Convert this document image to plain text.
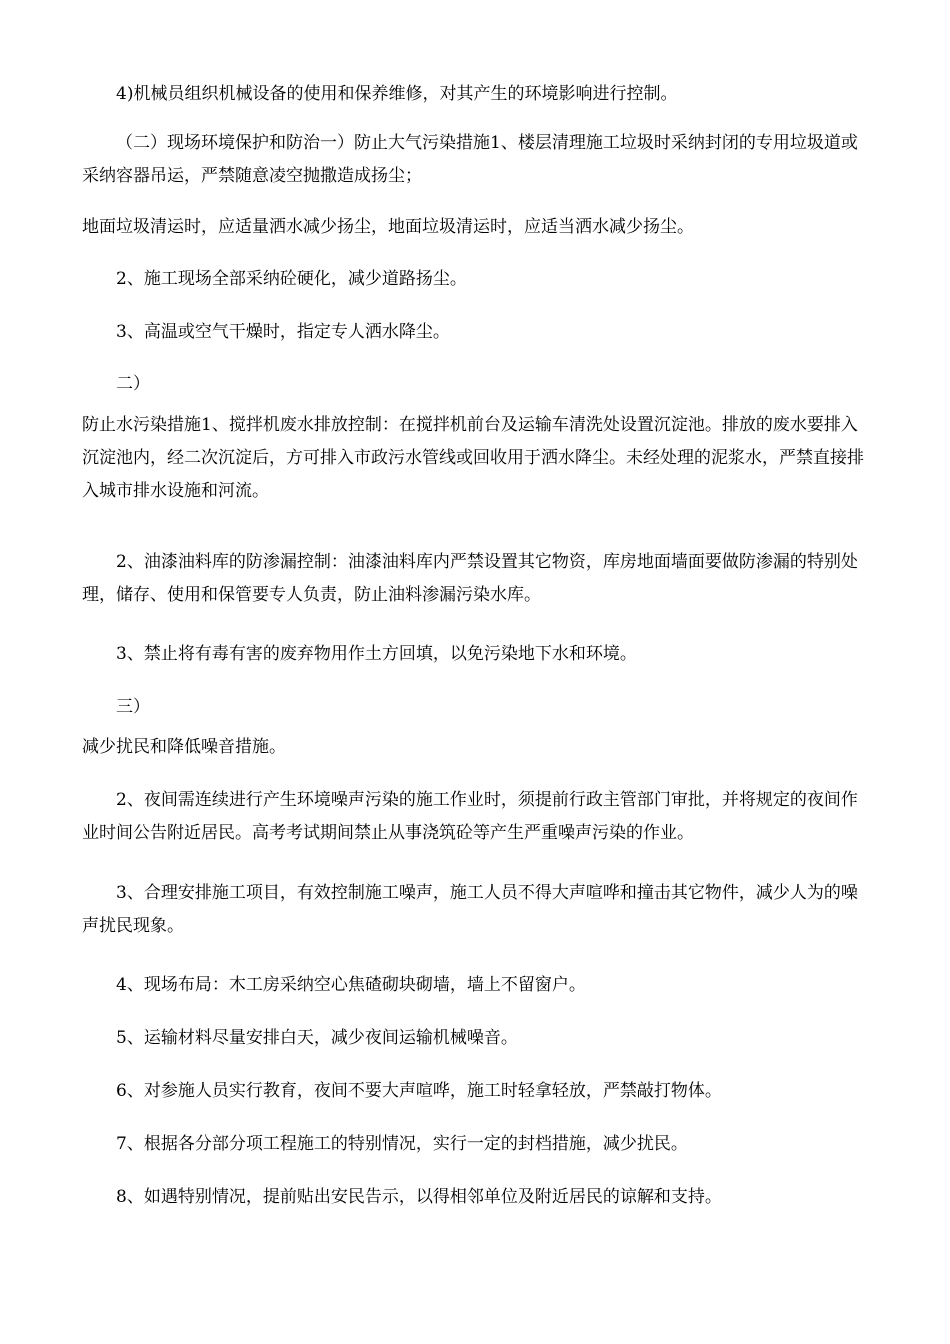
4)机械员组织机械设备的使用和保养维修，对其产生的环境影响进行控制。

（二）现场环境保护和防治一）防止大气污染措施1、楼层清理施工垃圾时采纳封闭的专用垃圾道或采纳容器吊运，严禁随意凌空抛撒造成扬尘；

地面垃圾清运时，应适量洒水减少扬尘，地面垃圾清运时，应适当洒水减少扬尘。

2、施工现场全部采纳砼硬化，减少道路扬尘。

3、高温或空气干燥时，指定专人洒水降尘。

二）

防止水污染措施1、搅拌机废水排放控制：在搅拌机前台及运输车清洗处设置沉淀池。排放的废水要排入沉淀池内，经二次沉淀后，方可排入市政污水管线或回收用于洒水降尘。未经处理的泥浆水，严禁直接排入城市排水设施和河流。

2、油漆油料库的防渗漏控制：油漆油料库内严禁设置其它物资，库房地面墙面要做防渗漏的特别处理，储存、使用和保管要专人负责，防止油料渗漏污染水库。

3、禁止将有毒有害的废弃物用作土方回填，以免污染地下水和环境。

三）

减少扰民和降低噪音措施。

2、夜间需连续进行产生环境噪声污染的施工作业时，须提前行政主管部门审批，并将规定的夜间作业时间公告附近居民。高考考试期间禁止从事浇筑砼等产生严重噪声污染的作业。

3、合理安排施工项目，有效控制施工噪声，施工人员不得大声喧哗和撞击其它物件，减少人为的噪声扰民现象。

4、现场布局：木工房采纳空心焦碴砌块砌墙，墙上不留窗户。

5、运输材料尽量安排白天，减少夜间运输机械噪音。

6、对参施人员实行教育，夜间不要大声喧哗，施工时轻拿轻放，严禁敲打物体。

7、根据各分部分项工程施工的特别情况，实行一定的封档措施，减少扰民。

8、如遇特别情况，提前贴出安民告示，以得相邻单位及附近居民的谅解和支持。
